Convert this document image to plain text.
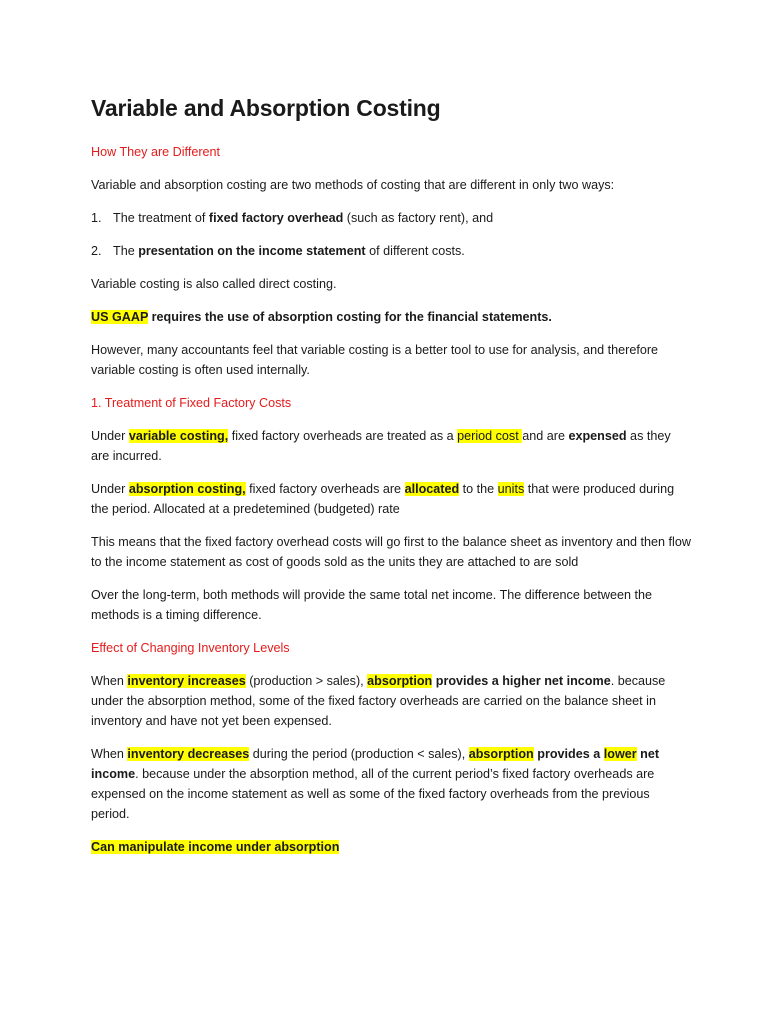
Variable and Absorption Costing

How They are Different

Variable and absorption costing are two methods of costing that are different in only two ways:

1. The treatment of fixed factory overhead (such as factory rent), and
2. The presentation on the income statement of different costs.

Variable costing is also called direct costing.

US GAAP requires the use of absorption costing for the financial statements.

However, many accountants feel that variable costing is a better tool to use for analysis, and therefore variable costing is often used internally.

1. Treatment of Fixed Factory Costs

Under variable costing, fixed factory overheads are treated as a period cost and are expensed as they are incurred.

Under absorption costing, fixed factory overheads are allocated to the units that were produced during the period. Allocated at a predetemined (budgeted) rate

This means that the fixed factory overhead costs will go first to the balance sheet as inventory and then flow to the income statement as cost of goods sold as the units they are attached to are sold

Over the long-term, both methods will provide the same total net income. The difference between the methods is a timing difference.

Effect of Changing Inventory Levels

When inventory increases (production > sales), absorption provides a higher net income. because under the absorption method, some of the fixed factory overheads are carried on the balance sheet in inventory and have not yet been expensed.

When inventory decreases during the period (production < sales), absorption provides a lower net income. because under the absorption method, all of the current period’s fixed factory overheads are expensed on the income statement as well as some of the fixed factory overheads from the previous period.

Can manipulate income under absorption
